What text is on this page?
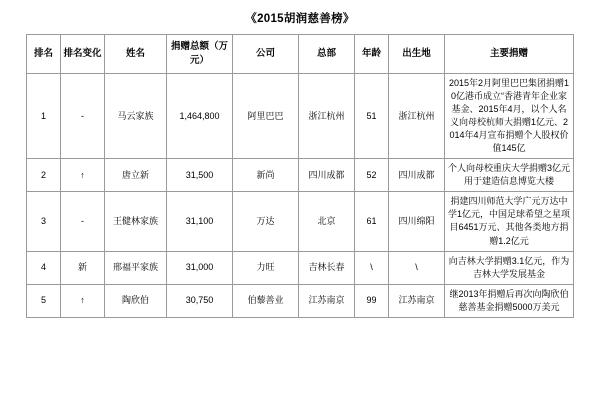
《2015胡润慈善榜》
排名	排名变化	姓名	捐赠总额（万元）	公司	总部	年龄	出生地	主要捐赠
1	-	马云家族	1,464,800	阿里巴巴	浙江杭州	51	浙江杭州	2015年2月阿里巴巴集团捐赠10亿港币成立“香港青年企业家基金、2015年4月，以个人名义向母校杭师大捐赠1亿元、2014年4月宣布捐赠个人股权价值145亿
2	↑	唐立新	31,500	新尚	四川成都	52	四川成都	个人向母校重庆大学捐赠3亿元用于建造信息博览大楼
3	-	王健林家族	31,100	万达	北京	61	四川绵阳	捐建四川师范大学广元万达中学1亿元，中国足球希望之星项目6451万元、其他各类地方捐赠1.2亿元
4	新	邢福平家族	31,000	力旺	吉林长春	\	\	向吉林大学捐赠3.1亿元，作为吉林大学发展基金
5	↑	陶欣伯	30,750	伯藜善业	江苏南京	99	江苏南京	继2013年捐赠后再次向陶欣伯慈善基金捐赠5000万美元
